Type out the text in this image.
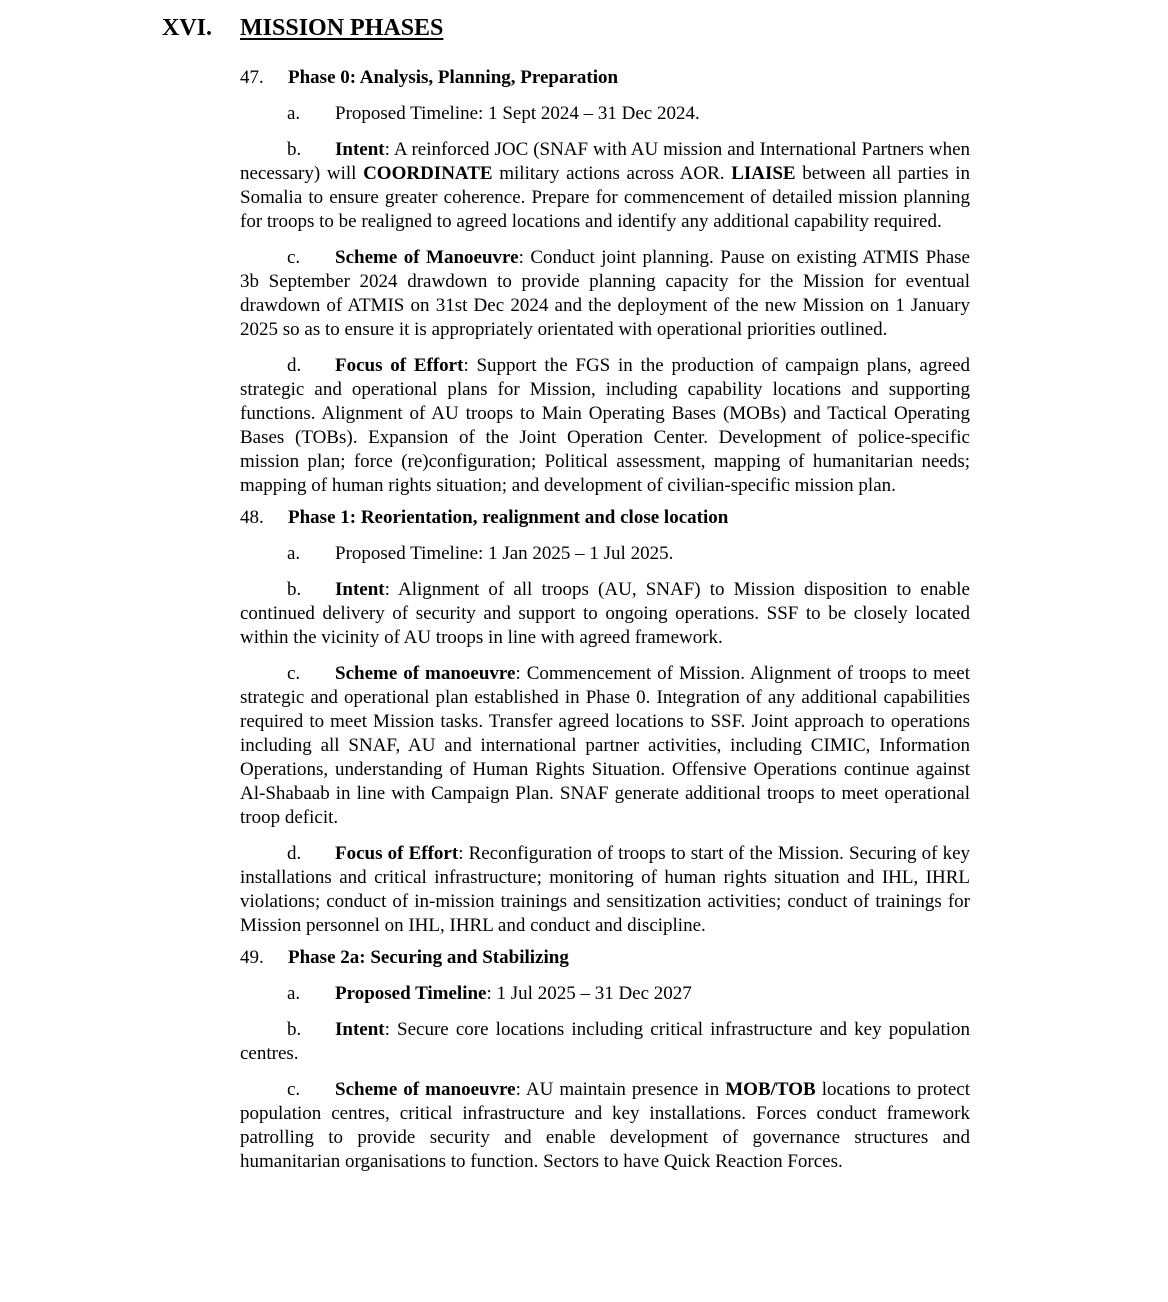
XVI. MISSION PHASES
47. Phase 0: Analysis, Planning, Preparation

a. Proposed Timeline: 1 Sept 2024 – 31 Dec 2024.

b. Intent: A reinforced JOC (SNAF with AU mission and International Partners when necessary) will COORDINATE military actions across AOR. LIAISE between all parties in Somalia to ensure greater coherence. Prepare for commencement of detailed mission planning for troops to be realigned to agreed locations and identify any additional capability required.

c. Scheme of Manoeuvre: Conduct joint planning. Pause on existing ATMIS Phase 3b September 2024 drawdown to provide planning capacity for the Mission for eventual drawdown of ATMIS on 31st Dec 2024 and the deployment of the new Mission on 1 January 2025 so as to ensure it is appropriately orientated with operational priorities outlined.

d. Focus of Effort: Support the FGS in the production of campaign plans, agreed strategic and operational plans for Mission, including capability locations and supporting functions. Alignment of AU troops to Main Operating Bases (MOBs) and Tactical Operating Bases (TOBs). Expansion of the Joint Operation Center. Development of police-specific mission plan; force (re)configuration; Political assessment, mapping of humanitarian needs; mapping of human rights situation; and development of civilian-specific mission plan.

48. Phase 1: Reorientation, realignment and close location

a. Proposed Timeline: 1 Jan 2025 – 1 Jul 2025.

b. Intent: Alignment of all troops (AU, SNAF) to Mission disposition to enable continued delivery of security and support to ongoing operations. SSF to be closely located within the vicinity of AU troops in line with agreed framework.

c. Scheme of manoeuvre: Commencement of Mission. Alignment of troops to meet strategic and operational plan established in Phase 0. Integration of any additional capabilities required to meet Mission tasks. Transfer agreed locations to SSF. Joint approach to operations including all SNAF, AU and international partner activities, including CIMIC, Information Operations, understanding of Human Rights Situation. Offensive Operations continue against Al-Shabaab in line with Campaign Plan. SNAF generate additional troops to meet operational troop deficit.

d. Focus of Effort: Reconfiguration of troops to start of the Mission. Securing of key installations and critical infrastructure; monitoring of human rights situation and IHL, IHRL violations; conduct of in-mission trainings and sensitization activities; conduct of trainings for Mission personnel on IHL, IHRL and conduct and discipline.

49. Phase 2a: Securing and Stabilizing

a. Proposed Timeline: 1 Jul 2025 – 31 Dec 2027

b. Intent: Secure core locations including critical infrastructure and key population centres.

c. Scheme of manoeuvre: AU maintain presence in MOB/TOB locations to protect population centres, critical infrastructure and key installations. Forces conduct framework patrolling to provide security and enable development of governance structures and humanitarian organisations to function. Sectors to have Quick Reaction Forces.
